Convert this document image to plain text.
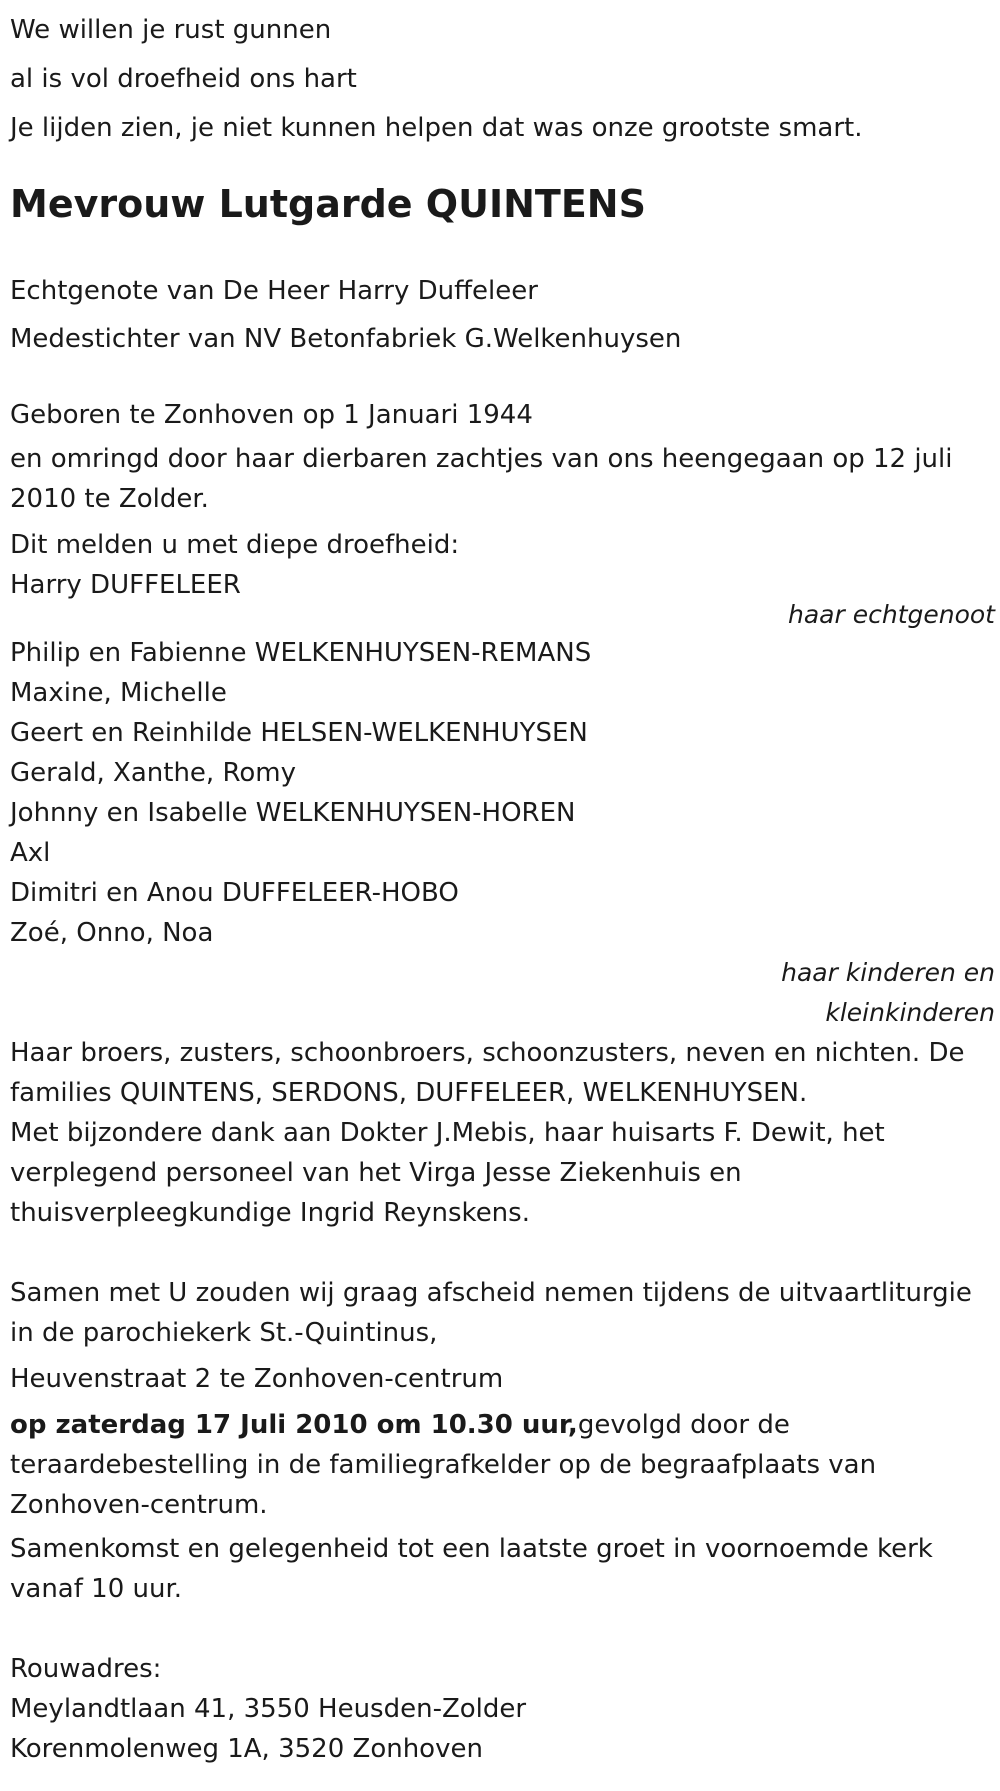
We willen je rust gunnen
al is vol droefheid ons hart
Je lijden zien, je niet kunnen helpen dat was onze grootste smart.
Mevrouw Lutgarde QUINTENS
Echtgenote van De Heer Harry Duffeleer
Medestichter van NV Betonfabriek G.Welkenhuysen
Geboren te Zonhoven op 1 Januari 1944
en omringd door haar dierbaren zachtjes van ons heengegaan op 12 juli 2010 te Zolder.
Dit melden u met diepe droefheid:
Harry DUFFELEER
haar echtgenoot
Philip en Fabienne WELKENHUYSEN-REMANS
Maxine, Michelle
Geert en Reinhilde HELSEN-WELKENHUYSEN
Gerald, Xanthe, Romy
Johnny en Isabelle WELKENHUYSEN-HOREN
Axl
Dimitri en Anou DUFFELEER-HOBO
Zoé, Onno, Noa
haar kinderen en
kleinkinderen
Haar broers, zusters, schoonbroers, schoonzusters, neven en nichten. De families QUINTENS, SERDONS, DUFFELEER, WELKENHUYSEN.
Met bijzondere dank aan Dokter J.Mebis, haar huisarts F. Dewit, het verplegend personeel van het Virga Jesse Ziekenhuis en thuisverpleegkundige Ingrid Reynskens.
Samen met U zouden wij graag afscheid nemen tijdens de uitvaartliturgie in de parochiekerk St.-Quintinus,
Heuvenstraat 2 te Zonhoven-centrum
op zaterdag 17 Juli 2010 om 10.30 uur,gevolgd door de teraardebestelling in de familiegrafkelder op de begraafplaats van Zonhoven-centrum.
Samenkomst en gelegenheid tot een laatste groet in voornoemde kerk vanaf 10 uur.
Rouwadres:
Meylandtlaan 41, 3550 Heusden-Zolder
Korenmolenweg 1A, 3520 Zonhoven
